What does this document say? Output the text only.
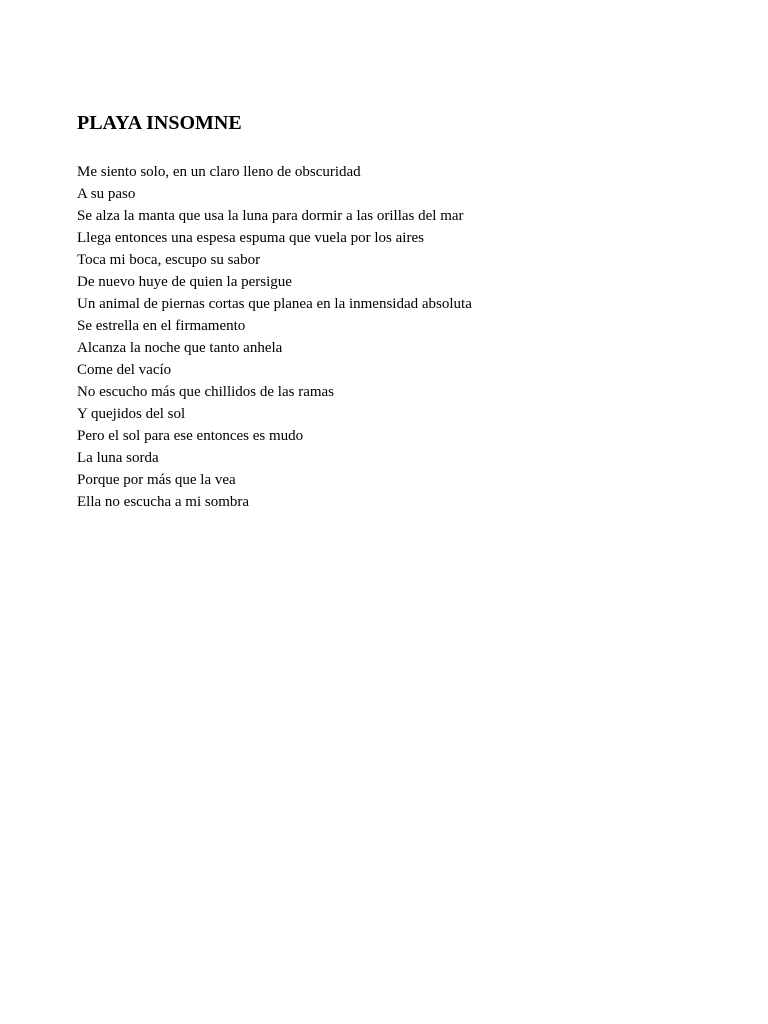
PLAYA INSOMNE
Me siento solo, en un claro lleno de obscuridad
A su paso
Se alza la manta que usa la luna para dormir a las orillas del mar
Llega entonces una espesa espuma que vuela por los aires
Toca mi boca, escupo su sabor
De nuevo huye de quien la persigue
Un animal de piernas cortas que planea en la inmensidad absoluta
Se estrella en el firmamento
Alcanza la noche que tanto anhela
Come del vacío
No escucho más que chillidos de las ramas
Y quejidos del sol
Pero el sol para ese entonces es mudo
La luna sorda
Porque por más que la vea
Ella no escucha a mi sombra
